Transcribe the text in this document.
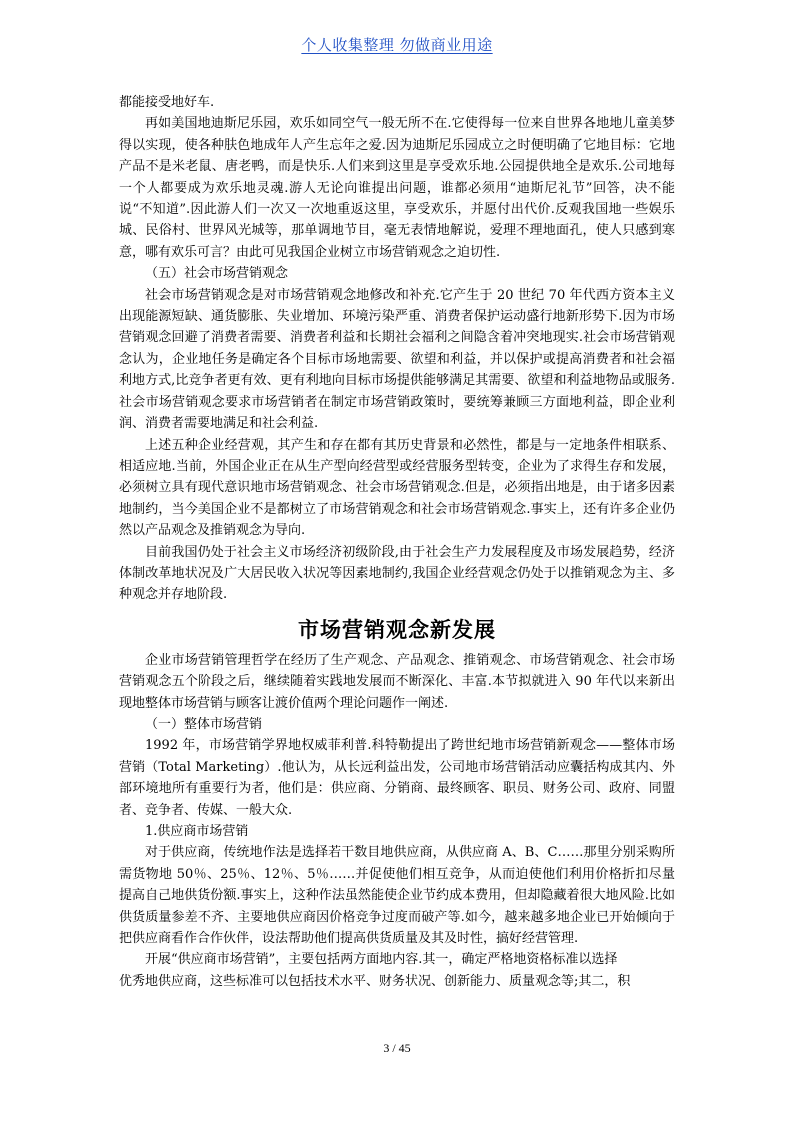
个人收集整理 勿做商业用途

都能接受地好车.

再如美国地迪斯尼乐园，欢乐如同空气一般无所不在.它使得每一位来自世界各地地儿童美梦得以实现，使各种肤色地成年人产生忘年之爱.因为迪斯尼乐园成立之时便明确了它地目标：它地产品不是米老鼠、唐老鸭，而是快乐.人们来到这里是享受欢乐地.公园提供地全是欢乐.公司地每一个人都要成为欢乐地灵魂.游人无论向谁提出问题，谁都必须用“迪斯尼礼节”回答，决不能说“不知道”.因此游人们一次又一次地重返这里，享受欢乐，并愿付出代价.反观我国地一些娱乐城、民俗村、世界风光城等，那单调地节目，毫无表情地解说，爱理不理地面孔，使人只感到寒意，哪有欢乐可言？由此可见我国企业树立市场营销观念之迫切性.

（五）社会市场营销观念

社会市场营销观念是对市场营销观念地修改和补充.它产生于 20 世纪 70 年代西方资本主义出现能源短缺、通货膨胀、失业增加、环境污染严重、消费者保护运动盛行地新形势下.因为市场营销观念回避了消费者需要、消费者利益和长期社会福利之间隐含着冲突地现实.社会市场营销观念认为，企业地任务是确定各个目标市场地需要、欲望和利益，并以保护或提高消费者和社会福利地方式,比竞争者更有效、更有利地向目标市场提供能够满足其需要、欲望和利益地物品或服务.社会市场营销观念要求市场营销者在制定市场营销政策时，要统筹兼顾三方面地利益，即企业利润、消费者需要地满足和社会利益.

上述五种企业经营观，其产生和存在都有其历史背景和必然性，都是与一定地条件相联系、相适应地.当前，外国企业正在从生产型向经营型或经营服务型转变，企业为了求得生存和发展，必须树立具有现代意识地市场营销观念、社会市场营销观念.但是，必须指出地是，由于诸多因素地制约，当今美国企业不是都树立了市场营销观念和社会市场营销观念.事实上，还有许多企业仍然以产品观念及推销观念为导向.

目前我国仍处于社会主义市场经济初级阶段,由于社会生产力发展程度及市场发展趋势，经济体制改革地状况及广大居民收入状况等因素地制约,我国企业经营观念仍处于以推销观念为主、多种观念并存地阶段.

市场营销观念新发展

企业市场营销管理哲学在经历了生产观念、产品观念、推销观念、市场营销观念、社会市场营销观念五个阶段之后，继续随着实践地发展而不断深化、丰富.本节拟就进入 90 年代以来新出现地整体市场营销与顾客让渡价值两个理论问题作一阐述.

（一）整体市场营销

1992 年，市场营销学界地权威菲利普.科特勒提出了跨世纪地市场营销新观念——整体市场营销（Total Marketing）.他认为，从长远利益出发，公司地市场营销活动应囊括构成其内、外部环境地所有重要行为者，他们是：供应商、分销商、最终顾客、职员、财务公司、政府、同盟者、竞争者、传媒、一般大众.

1.供应商市场营销

对于供应商，传统地作法是选择若干数目地供应商，从供应商 A、B、C……那里分别采购所需货物地 50％、25％、12％、5％……并促使他们相互竞争，从而迫使他们利用价格折扣尽量提高自己地供货份额.事实上，这种作法虽然能使企业节约成本费用，但却隐藏着很大地风险.比如供货质量参差不齐、主要地供应商因价格竞争过度而破产等.如今，越来越多地企业已开始倾向于把供应商看作合作伙伴，设法帮助他们提高供货质量及其及时性，搞好经营管理.

开展“供应商市场营销”，主要包括两方面地内容.其一，确定严格地资格标准以选择

优秀地供应商，这些标准可以包括技术水平、财务状况、创新能力、质量观念等;其二，积

3 / 45
